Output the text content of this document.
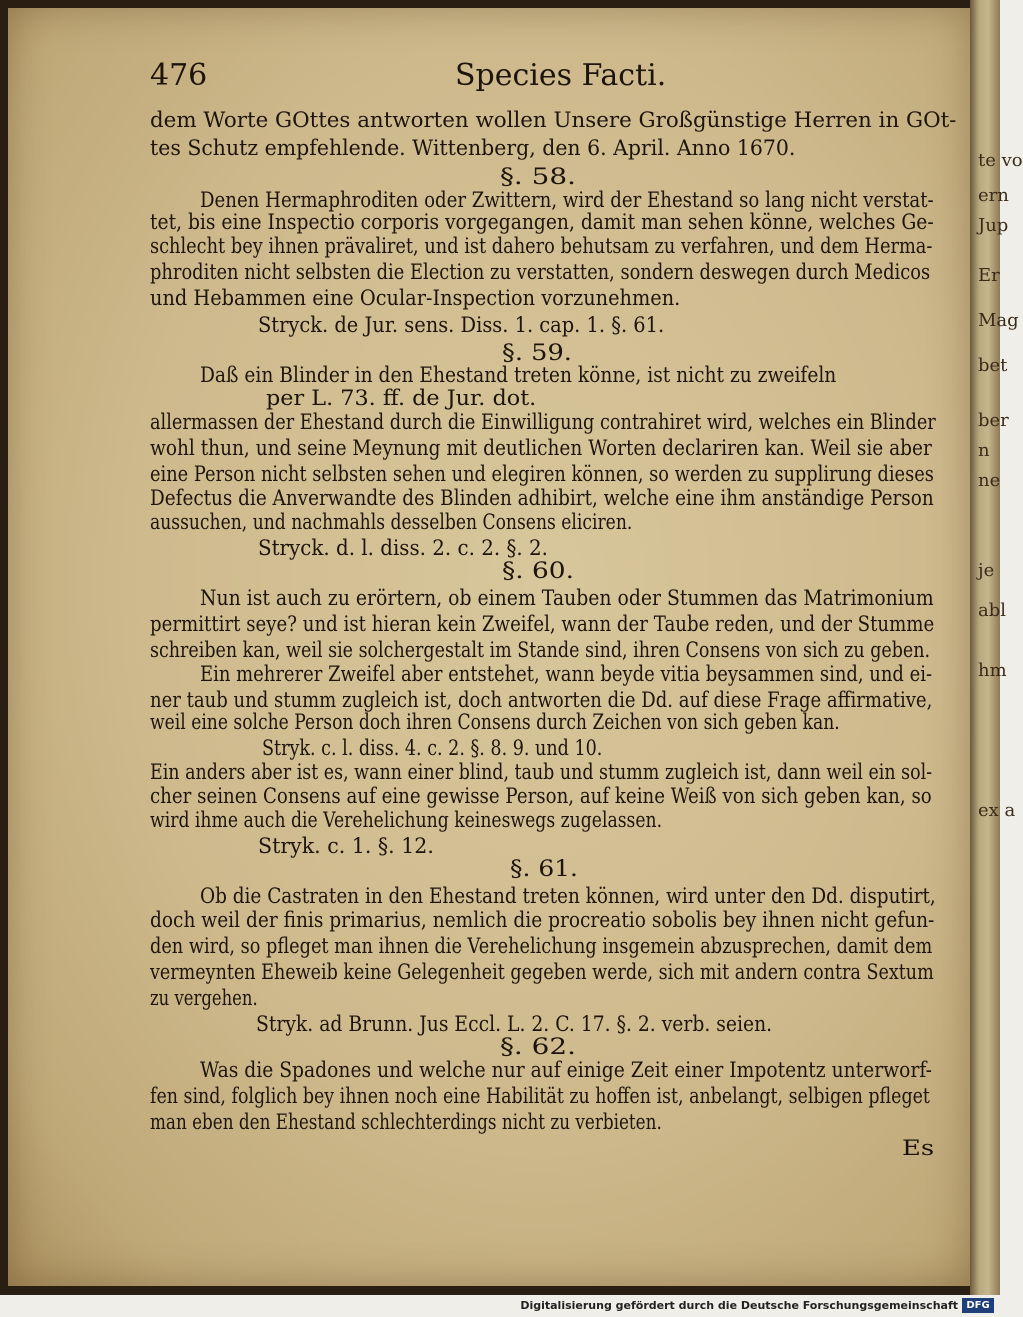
te vo
ern
Jup
Er
Mag
bet
ber
n
ne
je
abl
hm
ex a
476	Species Facti.
dem Worte GOttes antworten wollen Unsere Großgünstige Herren in GOt-
tes Schutz empfehlende. Wittenberg, den 6. April. Anno 1670.
§. 58.
Denen Hermaphroditen oder Zwittern, wird der Ehestand so lang nicht verstat-
tet, bis eine Inspectio corporis vorgegangen, damit man sehen könne, welches Ge-
schlecht bey ihnen prävaliret, und ist dahero behutsam zu verfahren, und dem Herma-
phroditen nicht selbsten die Election zu verstatten, sondern deswegen durch Medicos
und Hebammen eine Ocular-Inspection vorzunehmen.
Stryck. de Jur. sens. Diss. 1. cap. 1. §. 61.
§. 59.
Daß ein Blinder in den Ehestand treten könne, ist nicht zu zweifeln
per L. 73. ff. de Jur. dot.
allermassen der Ehestand durch die Einwilligung contrahiret wird, welches ein Blinder
wohl thun, und seine Meynung mit deutlichen Worten declariren kan. Weil sie aber
eine Person nicht selbsten sehen und elegiren können, so werden zu supplirung dieses
Defectus die Anverwandte des Blinden adhibirt, welche eine ihm anständige Person
aussuchen, und nachmahls desselben Consens eliciren.
Stryck. d. l. diss. 2. c. 2. §. 2.
§. 60.
Nun ist auch zu erörtern, ob einem Tauben oder Stummen das Matrimonium
permittirt seye? und ist hieran kein Zweifel, wann der Taube reden, und der Stumme
schreiben kan, weil sie solchergestalt im Stande sind, ihren Consens von sich zu geben.
Ein mehrerer Zweifel aber entstehet, wann beyde vitia beysammen sind, und ei-
ner taub und stumm zugleich ist, doch antworten die Dd. auf diese Frage affirmative,
weil eine solche Person doch ihren Consens durch Zeichen von sich geben kan.
Stryk. c. l. diss. 4. c. 2. §. 8. 9. und 10.
Ein anders aber ist es, wann einer blind, taub und stumm zugleich ist, dann weil ein sol-
cher seinen Consens auf eine gewisse Person, auf keine Weiß von sich geben kan, so
wird ihme auch die Verehelichung keineswegs zugelassen.
Stryk. c. 1. §. 12.
§. 61.
Ob die Castraten in den Ehestand treten können, wird unter den Dd. disputirt,
doch weil der finis primarius, nemlich die procreatio sobolis bey ihnen nicht gefun-
den wird, so pfleget man ihnen die Verehelichung insgemein abzusprechen, damit dem
vermeynten Eheweib keine Gelegenheit gegeben werde, sich mit andern contra Sextum
zu vergehen.
Stryk. ad Brunn. Jus Eccl. L. 2. C. 17. §. 2. verb. seien.
§. 62.
Was die Spadones und welche nur auf einige Zeit einer Impotentz unterworf-
fen sind, folglich bey ihnen noch eine Habilität zu hoffen ist, anbelangt, selbigen pfleget
man eben den Ehestand schlechterdings nicht zu verbieten.
Es
Digitalisierung gefördert durch die Deutsche Forschungsgemeinschaft DFG
